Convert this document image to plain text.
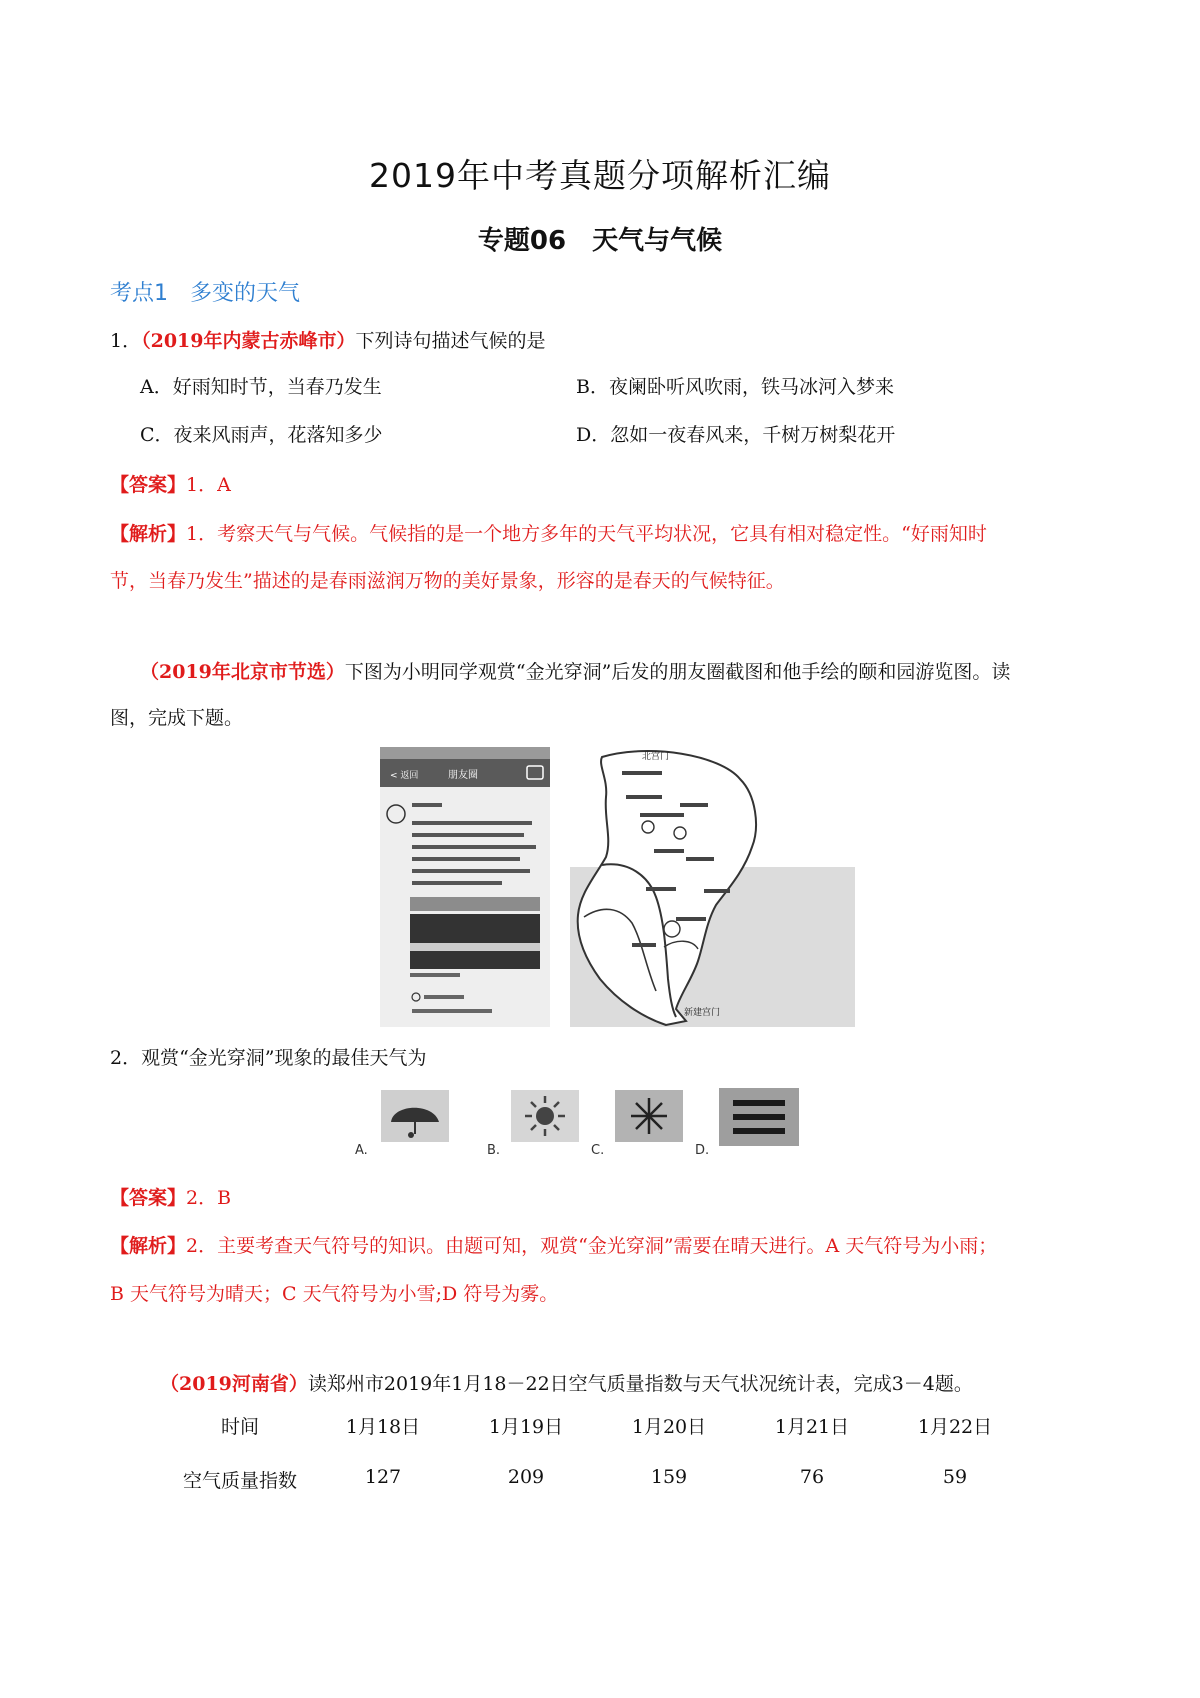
2019年中考真题分项解析汇编
专题06　天气与气候
考点1　多变的天气
1．（2019年内蒙古赤峰市）下列诗句描述气候的是
A．好雨知时节，当春乃发生	B．夜阑卧听风吹雨，铁马冰河入梦来
C．夜来风雨声，花落知多少	D．忽如一夜春风来，千树万树梨花开
【答案】1．A
【解析】1．考察天气与气候。气候指的是一个地方多年的天气平均状况，它具有相对稳定性。“好雨知时
节，当春乃发生”描述的是春雨滋润万物的美好景象，形容的是春天的气候特征。
（2019年北京市节选）下图为小明同学观赏“金光穿洞”后发的朋友圈截图和他手绘的颐和园游览图。读
图，完成下题。
< 返回	朋友圈
北宫门
新建宫门
2．观赏“金光穿洞”现象的最佳天气为
A.	B.	C.	D.
【答案】2．B
【解析】2．主要考查天气符号的知识。由题可知，观赏“金光穿洞”需要在晴天进行。A 天气符号为小雨；
B 天气符号为晴天；C 天气符号为小雪;D 符号为雾。
（2019河南省）读郑州市2019年1月18－22日空气质量指数与天气状况统计表，完成3－4题。
时间	1月18日	1月19日	1月20日	1月21日	1月22日
空气质量指数	127	209	159	76	59
